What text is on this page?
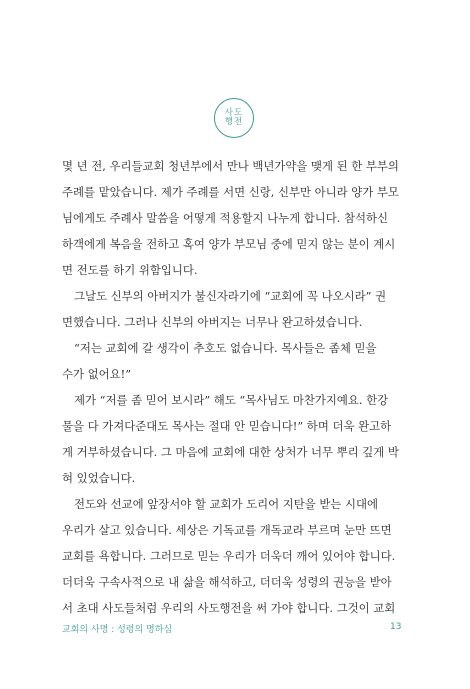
사도
행전
몇 년 전, 우리들교회 청년부에서 만나 백년가약을 맺게 된 한 부부의
주례를 맡았습니다. 제가 주례를 서면 신랑, 신부만 아니라 양가 부모
님에게도 주례사 말씀을 어떻게 적용할지 나누게 합니다. 참석하신
하객에게 복음을 전하고 혹여 양가 부모님 중에 믿지 않는 분이 계시
면 전도를 하기 위함입니다.
그날도 신부의 아버지가 불신자라기에 “교회에 꼭 나오시라” 권
면했습니다. 그러나 신부의 아버지는 너무나 완고하셨습니다.
“저는 교회에 갈 생각이 추호도 없습니다. 목사들은 좀체 믿을
수가 없어요!”
제가 “저를 좀 믿어 보시라” 해도 “목사님도 마찬가지예요. 한강
물을 다 가져다준대도 목사는 절대 안 믿습니다!” 하며 더욱 완고하
게 거부하셨습니다. 그 마음에 교회에 대한 상처가 너무 뿌리 깊게 박
혀 있었습니다.
전도와 선교에 앞장서야 할 교회가 도리어 지탄을 받는 시대에
우리가 살고 있습니다. 세상은 기독교를 개독교라 부르며 눈만 뜨면
교회를 욕합니다. 그러므로 믿는 우리가 더욱더 깨어 있어야 합니다.
더더욱 구속사적으로 내 삶을 해석하고, 더더욱 성령의 권능을 받아
서 초대 사도들처럼 우리의 사도행전을 써 가야 합니다. 그것이 교회
교회의 사명 : 성령의 명하심	13
